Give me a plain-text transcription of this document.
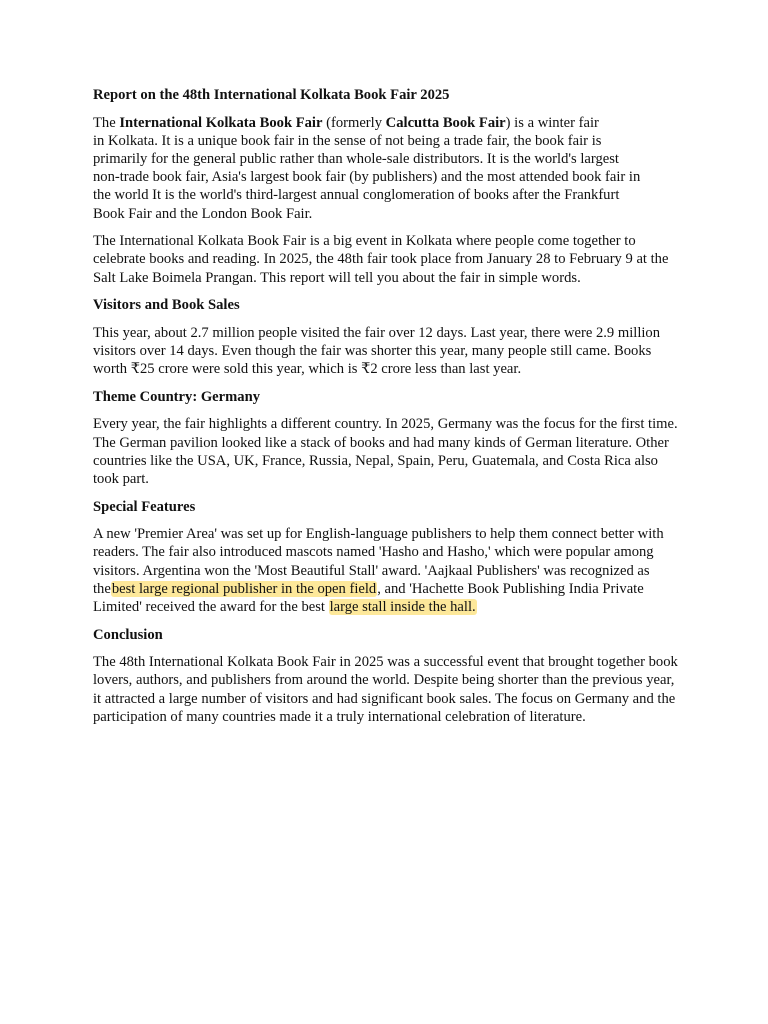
Report on the 48th International Kolkata Book Fair 2025
The International Kolkata Book Fair (formerly Calcutta Book Fair) is a winter fair
in Kolkata. It is a unique book fair in the sense of not being a trade fair, the book fair is
primarily for the general public rather than whole-sale distributors. It is the world's largest
non-trade book fair, Asia's largest book fair (by publishers) and the most attended book fair in
the world It is the world's third-largest annual conglomeration of books after the Frankfurt
Book Fair and the London Book Fair.
The International Kolkata Book Fair is a big event in Kolkata where people come together to celebrate books and reading. In 2025, the 48th fair took place from January 28 to February 9 at the Salt Lake Boimela Prangan. This report will tell you about the fair in simple words.
Visitors and Book Sales
This year, about 2.7 million people visited the fair over 12 days. Last year, there were 2.9 million visitors over 14 days. Even though the fair was shorter this year, many people still came. Books worth ₹25 crore were sold this year, which is ₹2 crore less than last year.
Theme Country: Germany
Every year, the fair highlights a different country. In 2025, Germany was the focus for the first time. The German pavilion looked like a stack of books and had many kinds of German literature. Other countries like the USA, UK, France, Russia, Nepal, Spain, Peru, Guatemala, and Costa Rica also took part.
Special Features
A new 'Premier Area' was set up for English-language publishers to help them connect better with readers. The fair also introduced mascots named 'Hasho and Hasho,' which were popular among visitors. Argentina won the 'Most Beautiful Stall' award. 'Aajkaal Publishers' was recognized as thebest large regional publisher in the open field, and 'Hachette Book Publishing India Private Limited' received the award for the best large stall inside the hall.
Conclusion
The 48th International Kolkata Book Fair in 2025 was a successful event that brought together book lovers, authors, and publishers from around the world. Despite being shorter than the previous year, it attracted a large number of visitors and had significant book sales. The focus on Germany and the participation of many countries made it a truly international celebration of literature.
